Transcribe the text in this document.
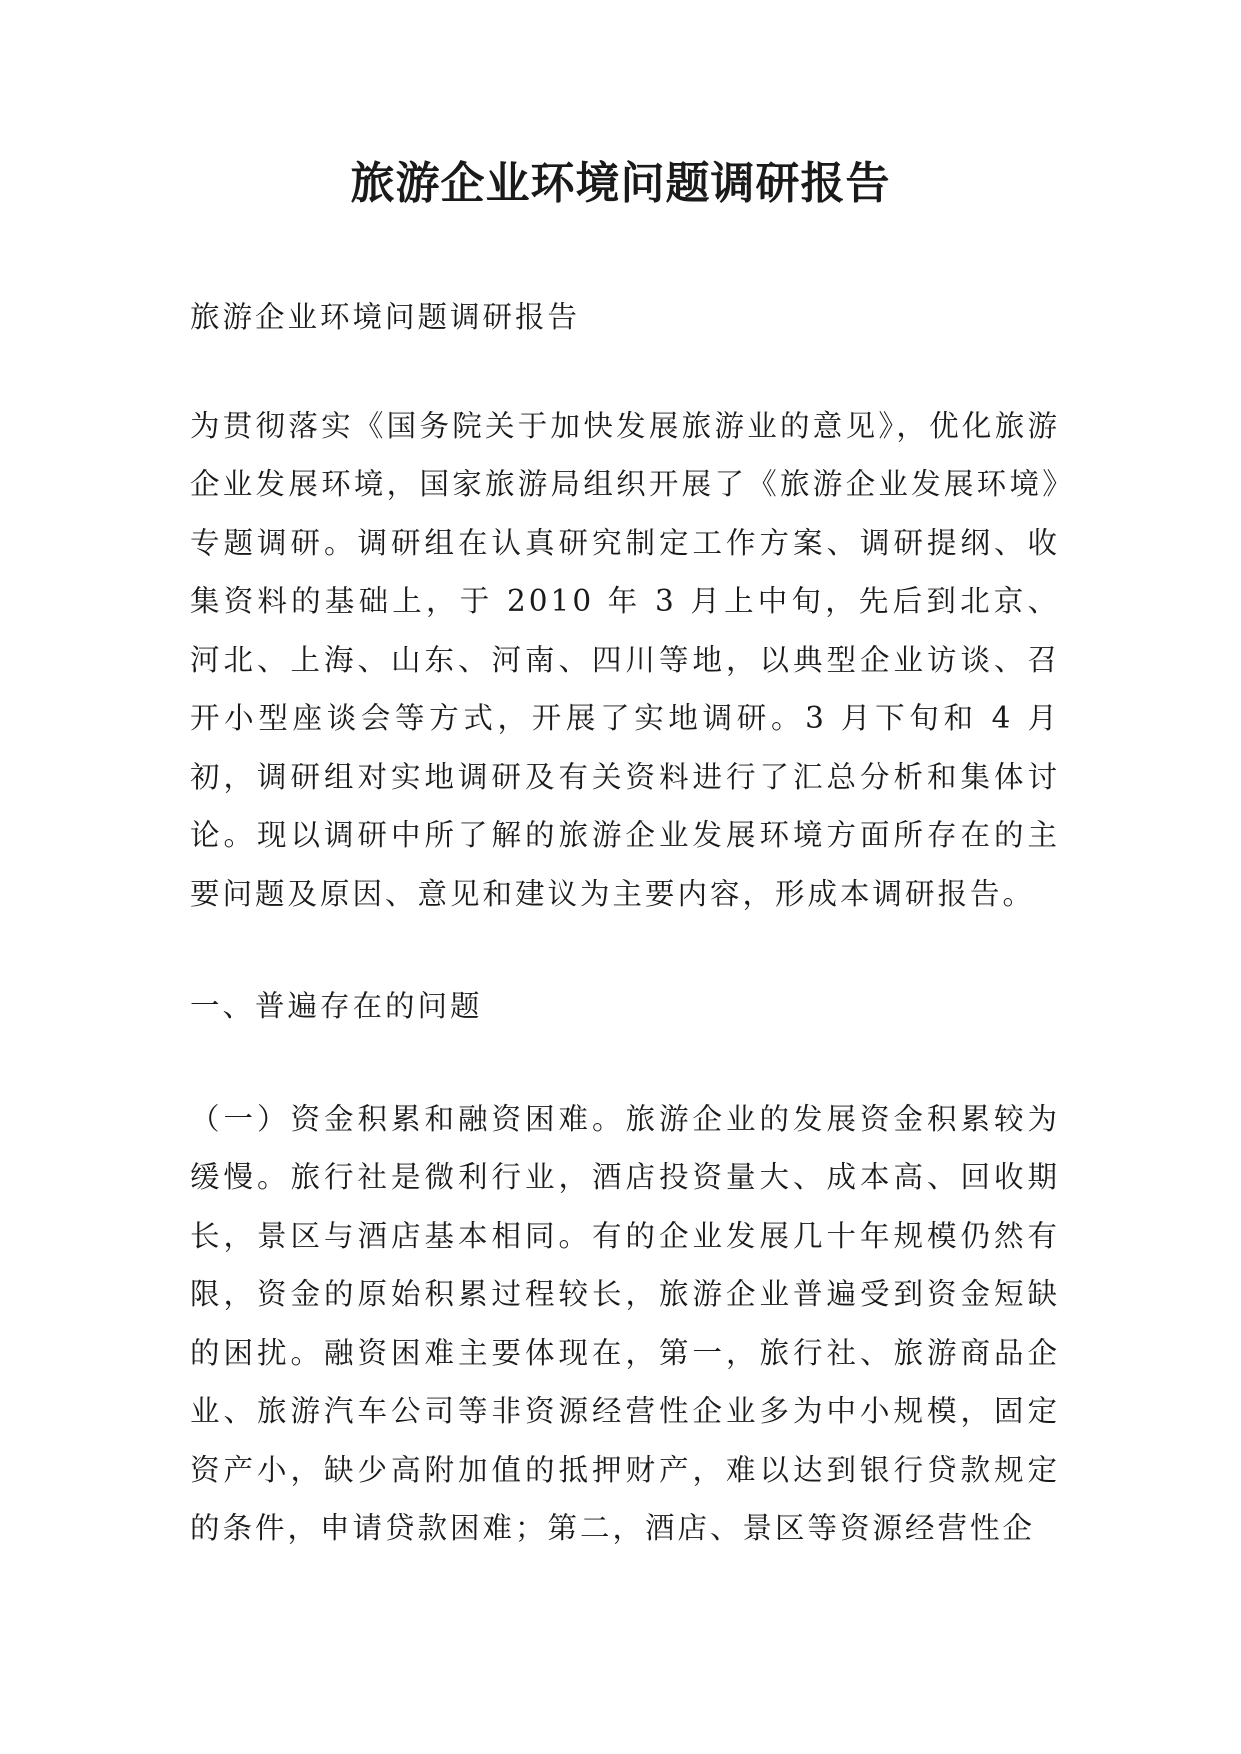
旅游企业环境问题调研报告

旅游企业环境问题调研报告

为贯彻落实《国务院关于加快发展旅游业的意见》，优化旅游企业发展环境，国家旅游局组织开展了《旅游企业发展环境》专题调研。调研组在认真研究制定工作方案、调研提纲、收集资料的基础上，于 2010 年 3 月上中旬，先后到北京、河北、上海、山东、河南、四川等地，以典型企业访谈、召开小型座谈会等方式，开展了实地调研。3 月下旬和 4 月初，调研组对实地调研及有关资料进行了汇总分析和集体讨论。现以调研中所了解的旅游企业发展环境方面所存在的主要问题及原因、意见和建议为主要内容，形成本调研报告。

一、普遍存在的问题

（一）资金积累和融资困难。旅游企业的发展资金积累较为缓慢。旅行社是微利行业，酒店投资量大、成本高、回收期长，景区与酒店基本相同。有的企业发展几十年规模仍然有限，资金的原始积累过程较长，旅游企业普遍受到资金短缺的困扰。融资困难主要体现在，第一，旅行社、旅游商品企业、旅游汽车公司等非资源经营性企业多为中小规模，固定资产小，缺少高附加值的抵押财产，难以达到银行贷款规定的条件，申请贷款困难；第二，酒店、景区等资源经营性企
